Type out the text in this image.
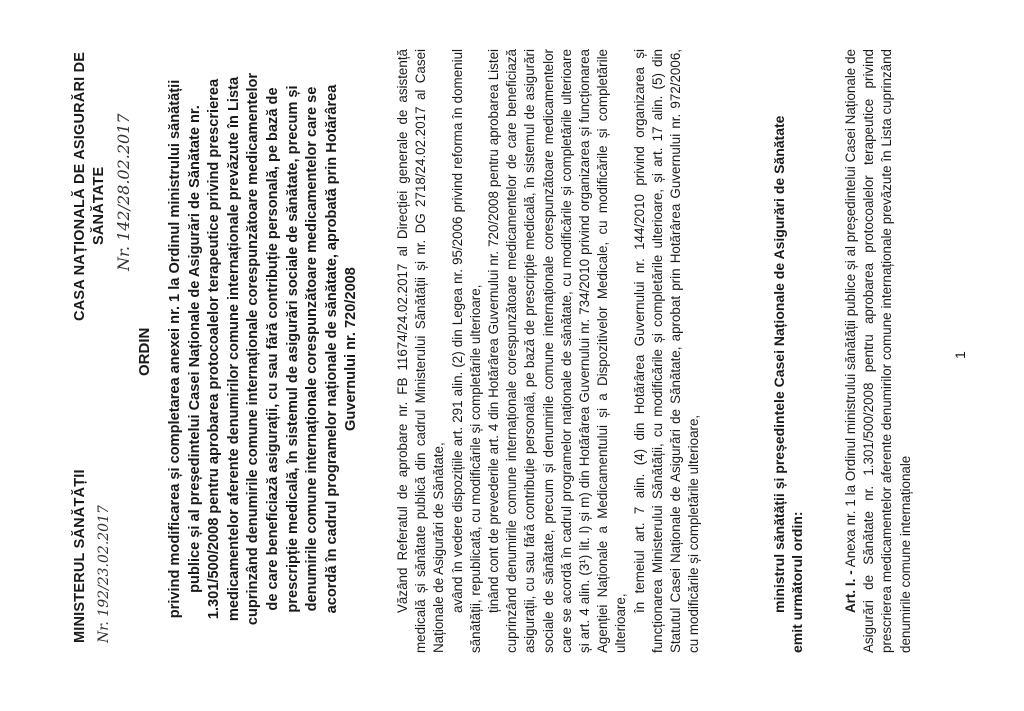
MINISTERUL SĂNĂTĂȚII Nr. 192/23.02.2017
CASA NAȚIONALĂ DE ASIGURĂRI DE SĂNĂTATE Nr. 142/28.02.2017
ORDIN privind modificarea și completarea anexei nr. 1 la Ordinul ministrului sănătății publice și al președintelui Casei Naționale de Asigurări de Sănătate nr. 1.301/500/2008 pentru aprobarea protocoalelor terapeutice privind prescrierea medicamentelor aferente denumirilor comune internaționale prevăzute în Lista cuprinzând denumirile comune internaționale corespunzătoare medicamentelor de care beneficiază asigurații, cu sau fără contribuție personală, pe bază de prescripție medicală, în sistemul de asigurări sociale de sănătate, precum și denumirile comune internaționale corespunzătoare medicamentelor care se acordă în cadrul programelor naționale de sănătate, aprobată prin Hotărârea Guvernului nr. 720/2008	Văzând Referatul de aprobare nr. FB 11674/24.02.2017 al Direcției generale de asistență medicală și sănătate publică din cadrul Ministerului Sănătății și nr. DG 2718/24.02.2017 al Casei Naționale de Asigurări de Sănătate, având în vedere dispozițiile art. 291 alin. (2) din Legea nr. 95/2006 privind reforma în domeniul sănătății, republicată, cu modificările și completările ulterioare, ținând cont de prevederile art. 4 din Hotărârea Guvernului nr. 720/2008 pentru aprobarea Listei cuprinzând denumirile comune internaționale corespunzătoare medicamentelor de care beneficiază asigurații, cu sau fără contribuție personală, pe bază de prescripție medicală, în sistemul de asigurări sociale de sănătate, precum și denumirile comune internaționale corespunzătoare medicamentelor care se acordă în cadrul programelor naționale de sănătate, cu modificările și completările ulterioare și art. 4 alin. (3¹) lit. l) și m) din Hotărârea Guvernului nr. 734/2010 privind organizarea și funcționarea Agenției Naționale a Medicamentului și a Dispozitivelor Medicale, cu modificările și completările ulterioare,

în temeiul art. 7 alin. (4) din Hotărârea Guvernului nr. 144/2010 privind organizarea și funcționarea Ministerului Sănătății, cu modificările și completările ulterioare, și art. 17 alin. (5) din Statutul Casei Naționale de Asigurări de Sănătate, aprobat prin Hotărârea Guvernului nr. 972/2006, cu modificările și completările ulterioare,	ministrul sănătății și președintele Casei Naționale de Asigurări de Sănătate emit următorul ordin:	Art. I. - Anexa nr. 1 la Ordinul ministrului sănătății publice și al președintelui Casei Naționale de Asigurări de Sănătate nr. 1.301/500/2008 pentru aprobarea protocoalelor terapeutice privind prescrierea medicamentelor aferente denumirilor comune internaționale prevăzute în Lista cuprinzând denumirile comune internaționale

1
